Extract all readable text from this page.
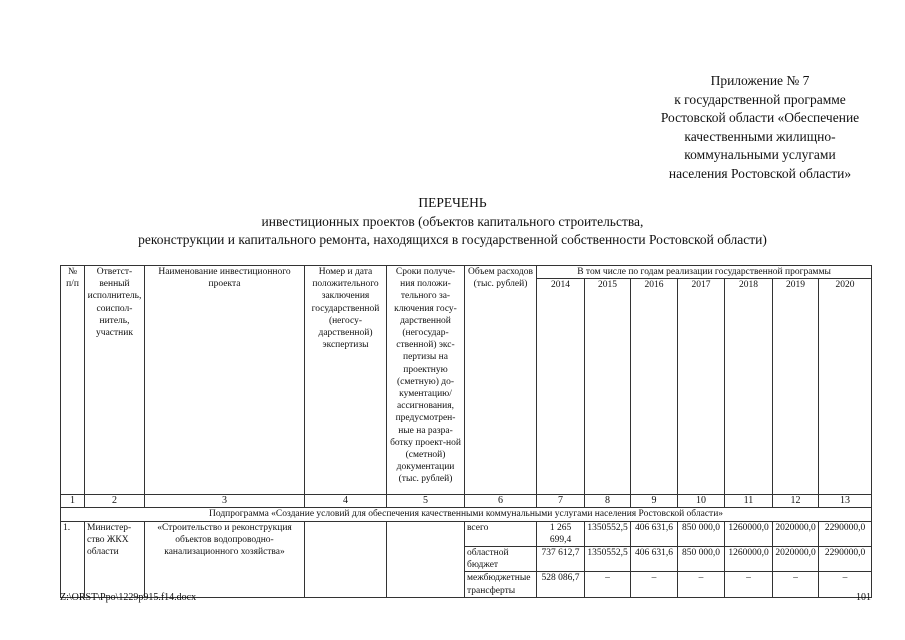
Приложение № 7
к государственной программе
Ростовской области «Обеспечение
качественными жилищно-
коммунальными услугами
населения Ростовской области»
ПЕРЕЧЕНЬ
инвестиционных проектов (объектов капитального строительства,
реконструкции и капитального ремонта, находящихся в государственной собственности Ростовской области)
№ п/п	Ответст-венный исполнитель, соиспол-нитель, участник	Наименование инвестиционного проекта	Номер и дата положительного заключения государственной (негосу-дарственной) экспертизы	Сроки получе-ния положи-тельного за-ключения госу-дарственной (негосудар-ственной) экс-пертизы на проектную (сметную) до-кументацию/ ассигнования, предусмотрен-ные на разра-ботку проект-ной (сметной) документации (тыс. рублей)	Объем расходов (тыс. рублей)	В том числе по годам реализации государственной программы						
						2014	2015	2016	2017	2018	2019	2020
1	2	3	4	5	6	7	8	9	10	11	12	13
Подпрограмма «Создание условий для обеспечения качественными коммунальными услугами населения Ростовской области»												
1.	Министер-ство ЖКХ области	«Строительство и реконструкция объектов водопроводно-канализационного хозяйства»			всего	1 265 699,4	1350552,5	406 631,6	850 000,0	1260000,0	2020000,0	2290000,0
					областной бюджет	737 612,7	1350552,5	406 631,6	850 000,0	1260000,0	2020000,0	2290000,0
					межбюджетные трансферты	528 086,7	–	–	–	–	–	–
Z:\ORST\Ppo\1229p915.f14.docx	101
